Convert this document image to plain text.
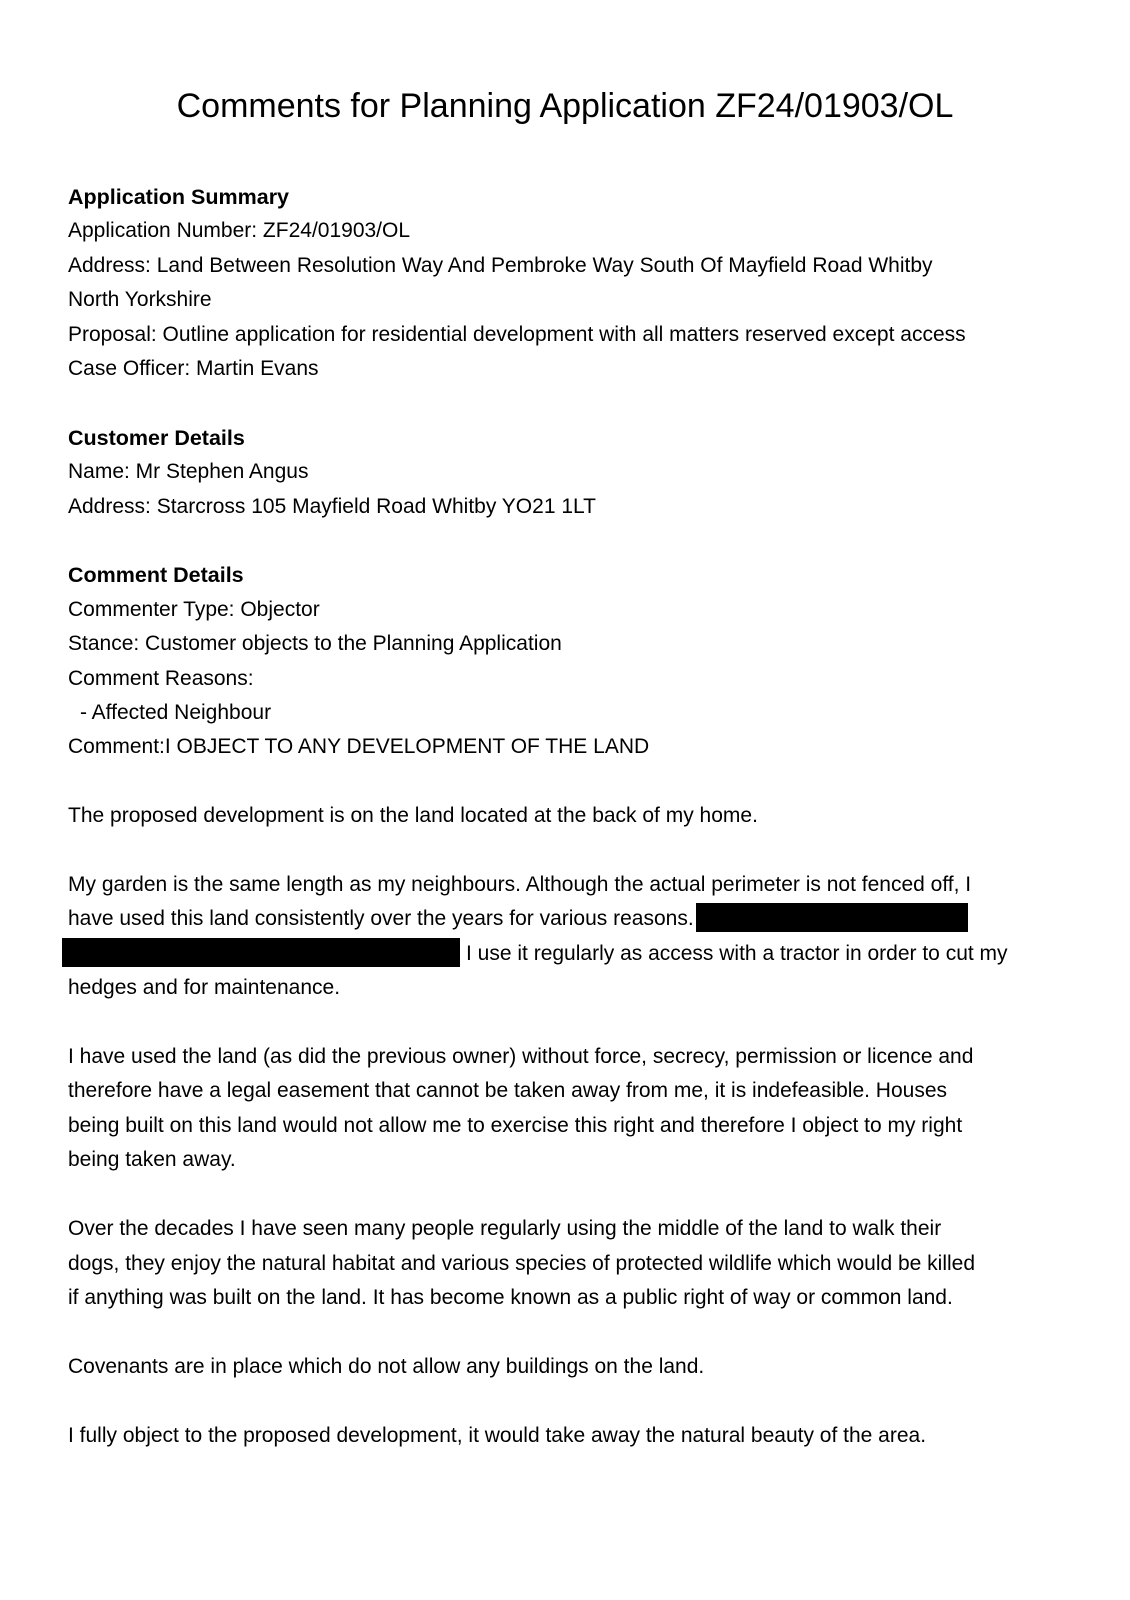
Comments for Planning Application ZF24/01903/OL

Application Summary

Application Number: ZF24/01903/OL

Address: Land Between Resolution Way And Pembroke Way South Of Mayfield Road Whitby

North Yorkshire

Proposal: Outline application for residential development with all matters reserved except access

Case Officer: Martin Evans

Customer Details

Name: Mr Stephen Angus

Address: Starcross 105 Mayfield Road Whitby YO21 1LT

Comment Details

Commenter Type: Objector

Stance: Customer objects to the Planning Application

Comment Reasons:

- Affected Neighbour

Comment:I OBJECT TO ANY DEVELOPMENT OF THE LAND

The proposed development is on the land located at the back of my home.

My garden is the same length as my neighbours. Although the actual perimeter is not fenced off, I

have used this land consistently over the years for various reasons.

I use it regularly as access with a tractor in order to cut my

hedges and for maintenance.

I have used the land (as did the previous owner) without force, secrecy, permission or licence and

therefore have a legal easement that cannot be taken away from me, it is indefeasible. Houses

being built on this land would not allow me to exercise this right and therefore I object to my right

being taken away.

Over the decades I have seen many people regularly using the middle of the land to walk their

dogs, they enjoy the natural habitat and various species of protected wildlife which would be killed

if anything was built on the land. It has become known as a public right of way or common land.

Covenants are in place which do not allow any buildings on the land.

I fully object to the proposed development, it would take away the natural beauty of the area.
